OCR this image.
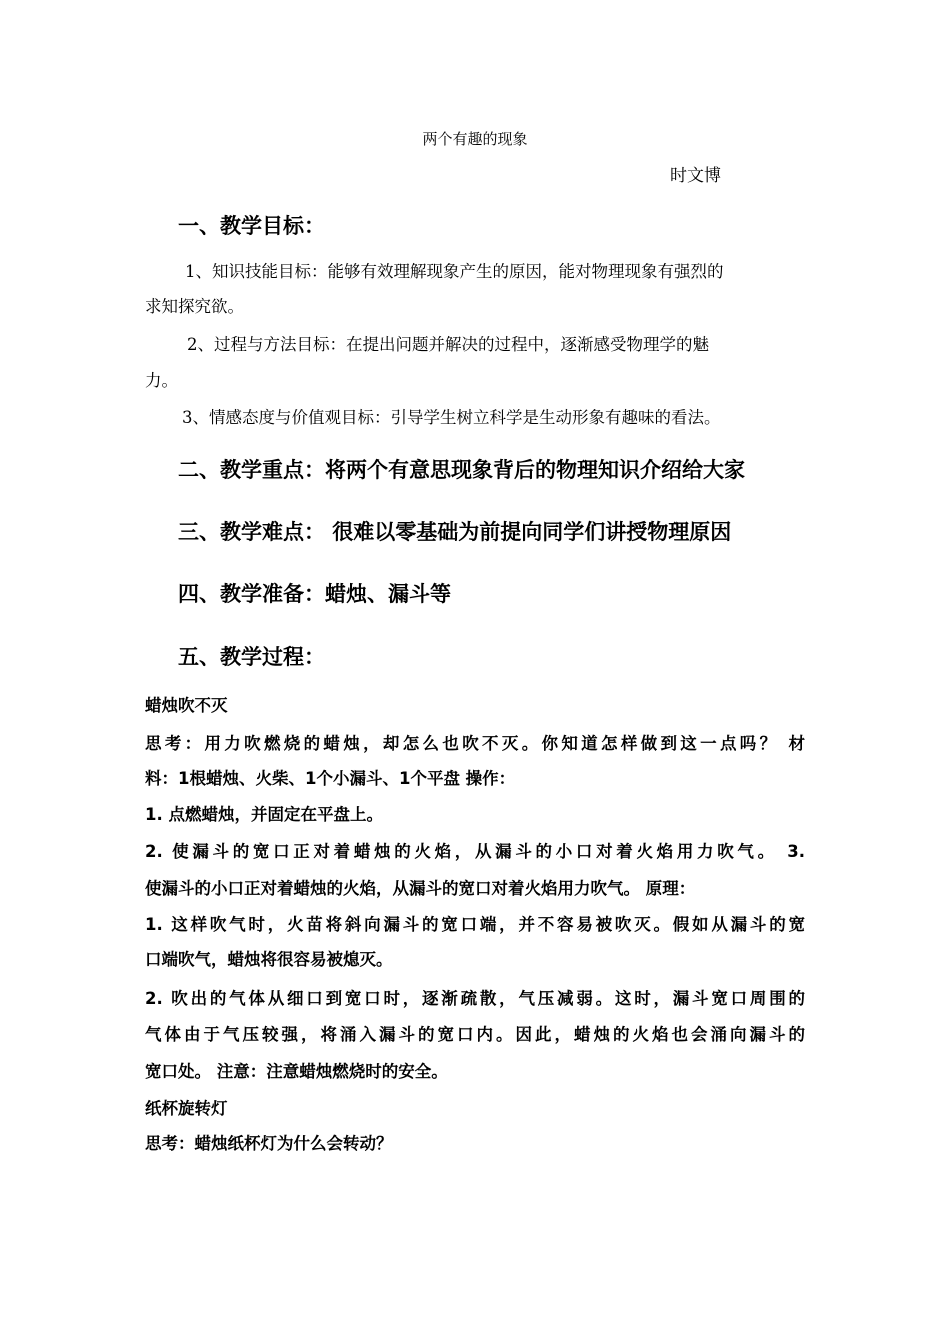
两个有趣的现象
时文博
一、教学目标：
1、知识技能目标：能够有效理解现象产生的原因，能对物理现象有强烈的
求知探究欲。
2、过程与方法目标：在提出问题并解决的过程中，逐渐感受物理学的魅
力。
3、情感态度与价值观目标：引导学生树立科学是生动形象有趣味的看法。
二、教学重点：将两个有意思现象背后的物理知识介绍给大家
三、教学难点： 很难以零基础为前提向同学们讲授物理原因
四、教学准备：蜡烛、漏斗等
五、教学过程：
蜡烛吹不灭
思考：用力吹燃烧的蜡烛，却怎么也吹不灭。你知道怎样做到这一点吗？ 材
料：1根蜡烛、火柴、1个小漏斗、1个平盘 操作：
1. 点燃蜡烛，并固定在平盘上。
2. 使漏斗的宽口正对着蜡烛的火焰，从漏斗的小口对着火焰用力吹气。 3.
使漏斗的小口正对着蜡烛的火焰，从漏斗的宽口对着火焰用力吹气。 原理：
1. 这样吹气时，火苗将斜向漏斗的宽口端，并不容易被吹灭。假如从漏斗的宽
口端吹气，蜡烛将很容易被熄灭。
2. 吹出的气体从细口到宽口时，逐渐疏散，气压减弱。这时，漏斗宽口周围的
气体由于气压较强，将涌入漏斗的宽口内。因此，蜡烛的火焰也会涌向漏斗的
宽口处。 注意：注意蜡烛燃烧时的安全。
纸杯旋转灯
思考：蜡烛纸杯灯为什么会转动？
